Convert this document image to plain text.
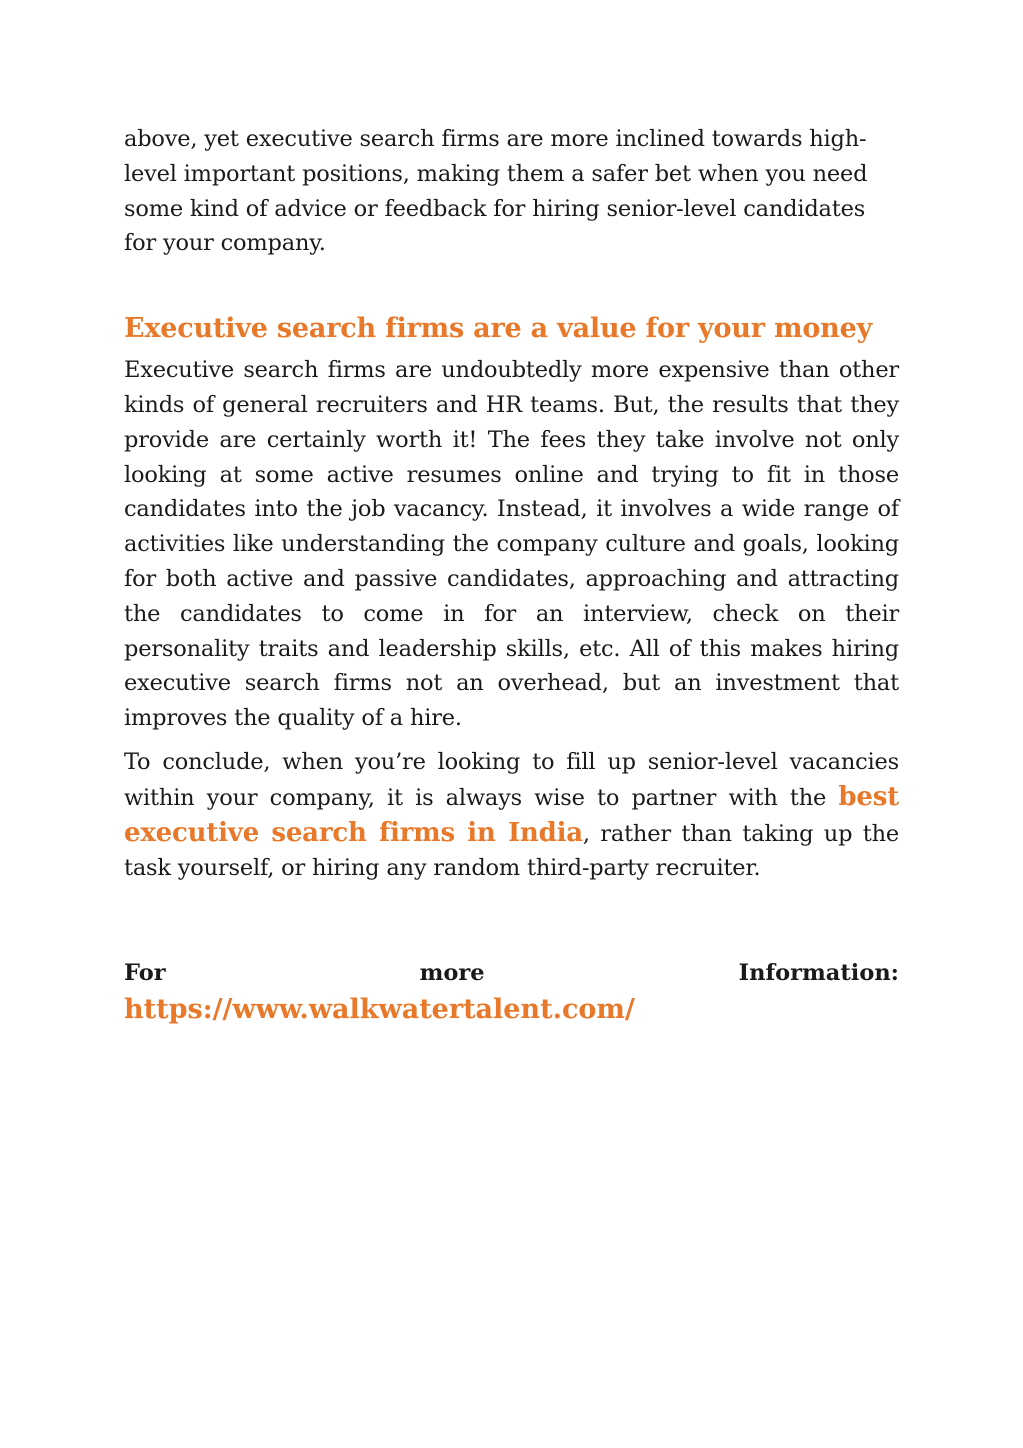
above, yet executive search firms are more inclined towards high-level important positions, making them a safer bet when you need some kind of advice or feedback for hiring senior-level candidates for your company.

Executive search firms are a value for your money

Executive search firms are undoubtedly more expensive than other kinds of general recruiters and HR teams. But, the results that they provide are certainly worth it! The fees they take involve not only looking at some active resumes online and trying to fit in those candidates into the job vacancy. Instead, it involves a wide range of activities like understanding the company culture and goals, looking for both active and passive candidates, approaching and attracting the candidates to come in for an interview, check on their personality traits and leadership skills, etc. All of this makes hiring executive search firms not an overhead, but an investment that improves the quality of a hire.

To conclude, when you’re looking to fill up senior-level vacancies within your company, it is always wise to partner with the best executive search firms in India, rather than taking up the task yourself, or hiring any random third-party recruiter.

For	more	Information:
https://www.walkwatertalent.com/
